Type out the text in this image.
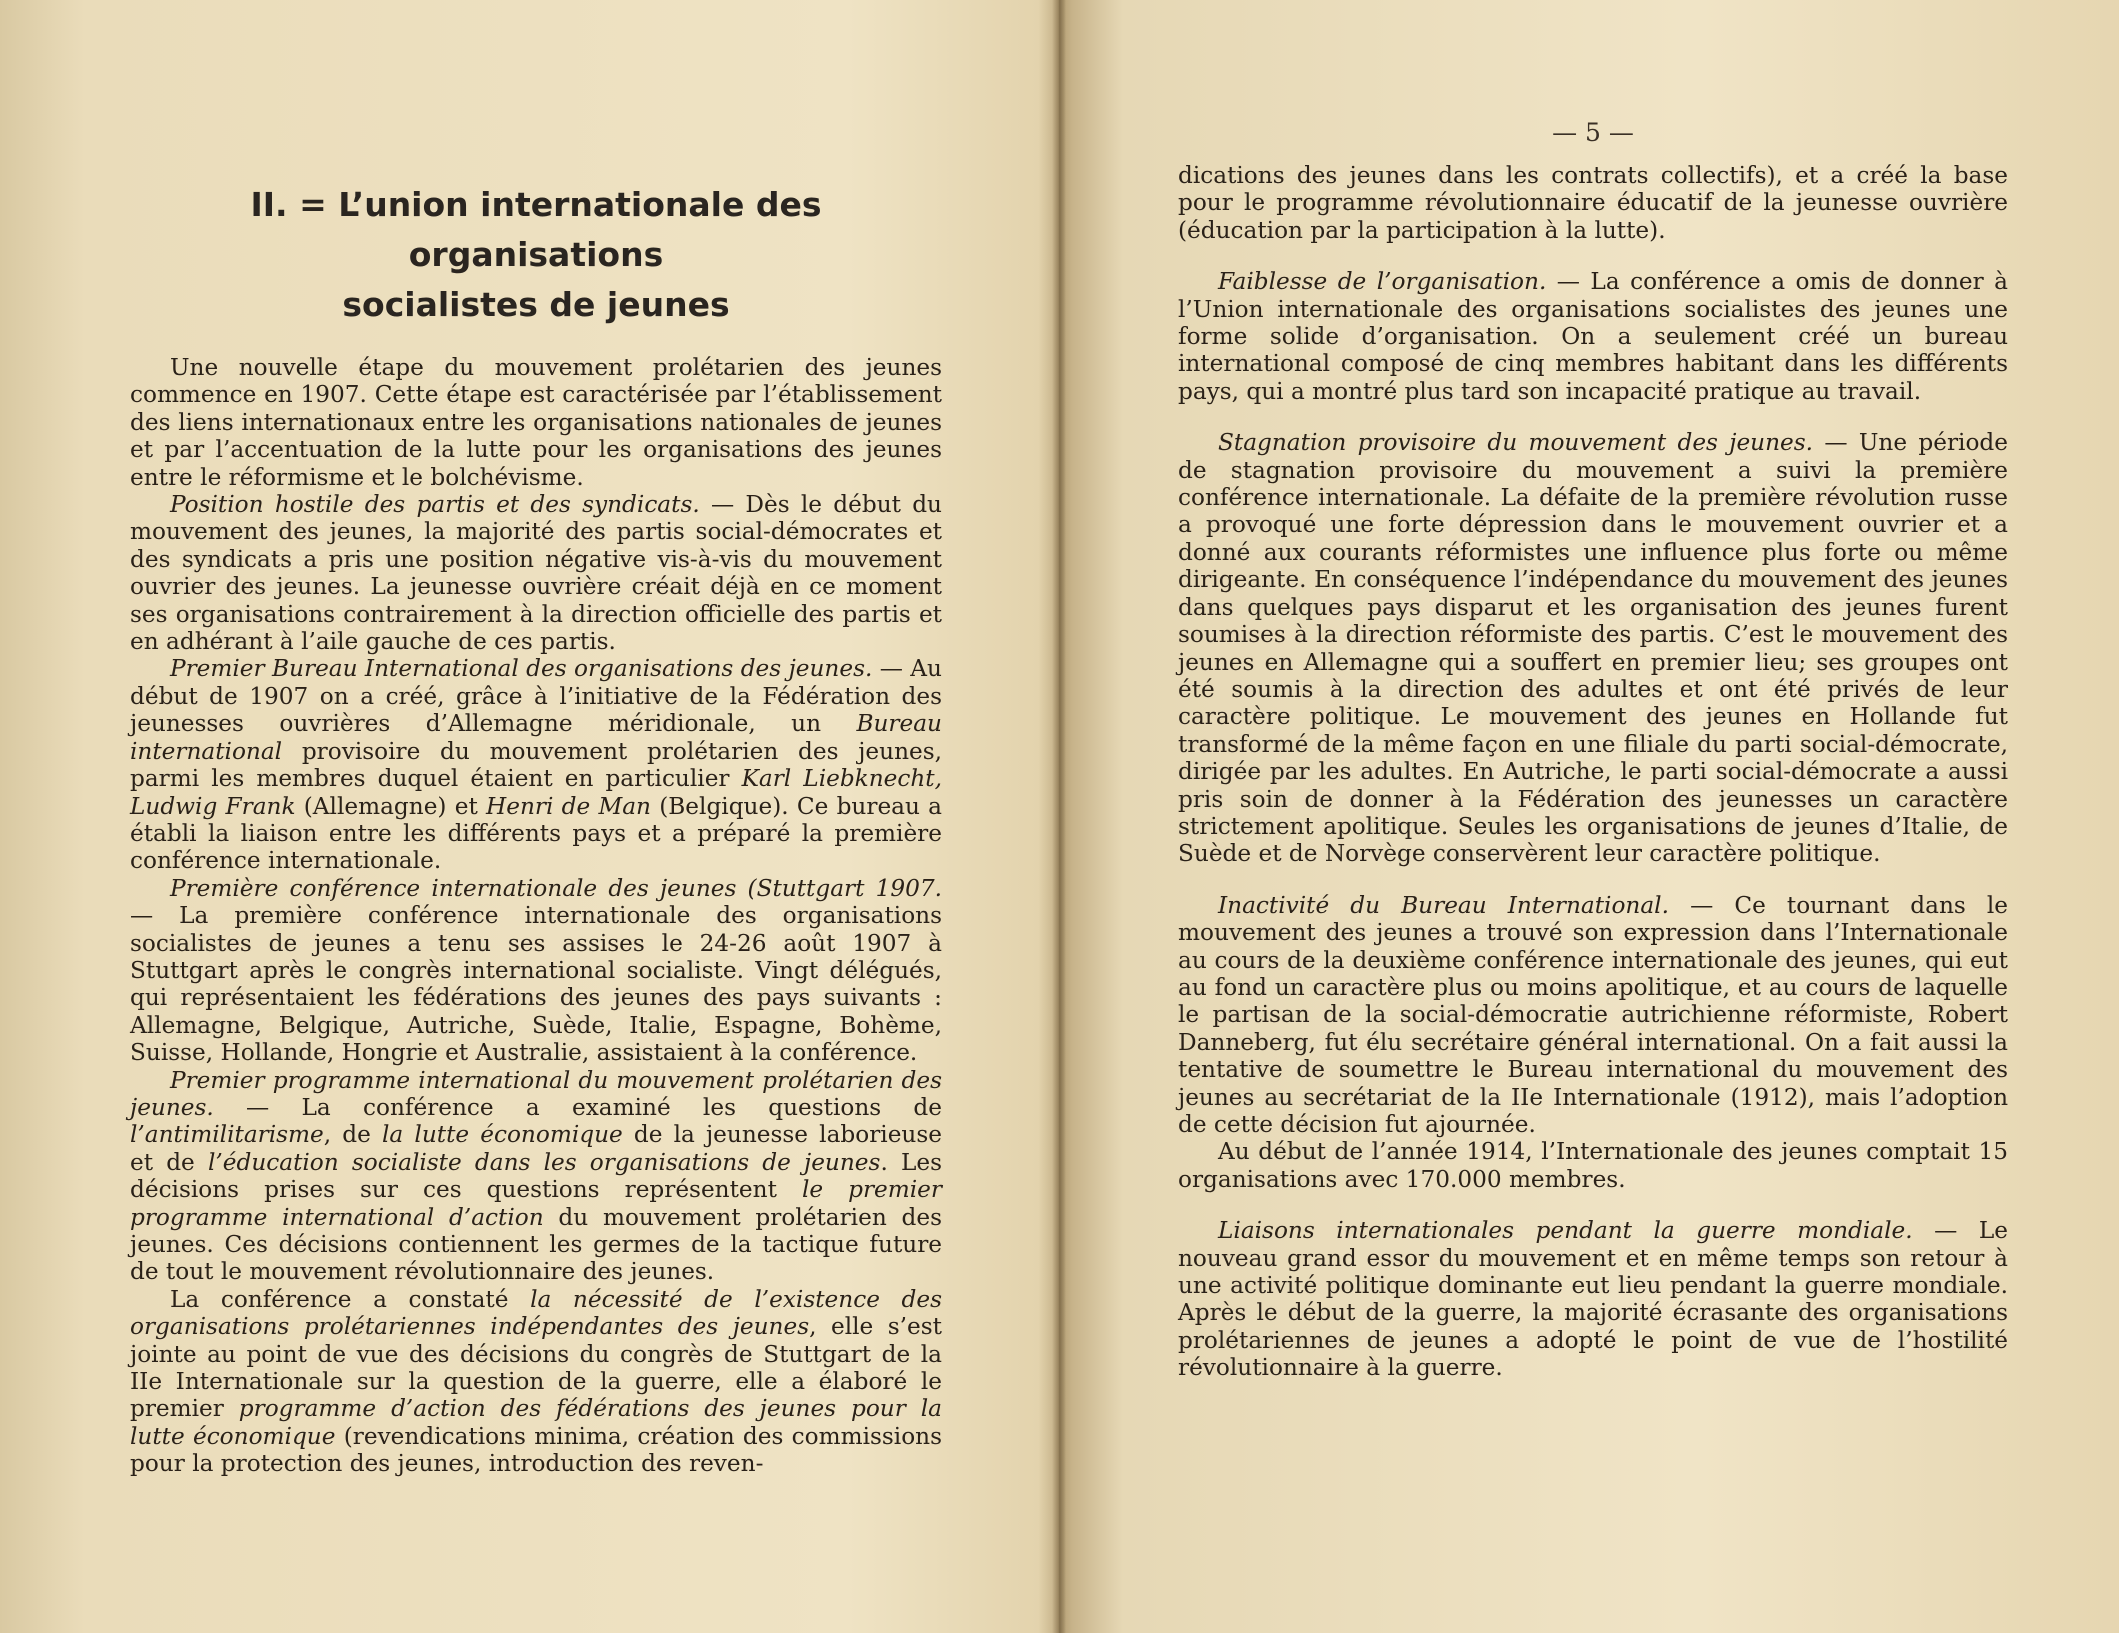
II. = L’union internationale des organisations
socialistes de jeunes

Une nouvelle étape du mouvement prolétarien des jeunes commence en 1907. Cette étape est caractérisée par l’établissement des liens internationaux entre les organisations nationales de jeunes et par l’accentuation de la lutte pour les organisations des jeunes entre le réformisme et le bolchévisme.

Position hostile des partis et des syndicats. — Dès le début du mouvement des jeunes, la majorité des partis social-démocrates et des syndicats a pris une position négative vis-à-vis du mouvement ouvrier des jeunes. La jeunesse ouvrière créait déjà en ce moment ses organisations contrairement à la direction officielle des partis et en adhérant à l’aile gauche de ces partis.

Premier Bureau International des organisations des jeunes. — Au début de 1907 on a créé, grâce à l’initiative de la Fédération des jeunesses ouvrières d’Allemagne méridionale, un Bureau international provisoire du mouvement prolétarien des jeunes, parmi les membres duquel étaient en particulier Karl Liebknecht, Ludwig Frank (Allemagne) et Henri de Man (Belgique). Ce bureau a établi la liaison entre les différents pays et a préparé la première conférence internationale.

Première conférence internationale des jeunes (Stuttgart 1907. — La première conférence internationale des organisations socialistes de jeunes a tenu ses assises le 24-26 août 1907 à Stuttgart après le congrès international socialiste. Vingt délégués, qui représentaient les fédérations des jeunes des pays suivants : Allemagne, Belgique, Autriche, Suède, Italie, Espagne, Bohème, Suisse, Hollande, Hongrie et Australie, assistaient à la conférence.

Premier programme international du mouvement prolétarien des jeunes. — La conférence a examiné les questions de l’antimilitarisme, de la lutte économique de la jeunesse laborieuse et de l’éducation socialiste dans les organisations de jeunes. Les décisions prises sur ces questions représentent le premier programme international d’action du mouvement prolétarien des jeunes. Ces décisions contiennent les germes de la tactique future de tout le mouvement révolutionnaire des jeunes.

La conférence a constaté la nécessité de l’existence des organisations prolétariennes indépendantes des jeunes, elle s’est jointe au point de vue des décisions du congrès de Stuttgart de la IIe Internationale sur la question de la guerre, elle a élaboré le premier programme d’action des fédérations des jeunes pour la lutte économique (revendications minima, création des commissions pour la protection des jeunes, introduction des reven-

— 5 —

dications des jeunes dans les contrats collectifs), et a créé la base pour le programme révolutionnaire éducatif de la jeunesse ouvrière (éducation par la participation à la lutte).

Faiblesse de l’organisation. — La conférence a omis de donner à l’Union internationale des organisations socialistes des jeunes une forme solide d’organisation. On a seulement créé un bureau international composé de cinq membres habitant dans les différents pays, qui a montré plus tard son incapacité pratique au travail.

Stagnation provisoire du mouvement des jeunes. — Une période de stagnation provisoire du mouvement a suivi la première conférence internationale. La défaite de la première révolution russe a provoqué une forte dépression dans le mouvement ouvrier et a donné aux courants réformistes une influence plus forte ou même dirigeante. En conséquence l’indépendance du mouvement des jeunes dans quelques pays disparut et les organisation des jeunes furent soumises à la direction réformiste des partis. C’est le mouvement des jeunes en Allemagne qui a souffert en premier lieu; ses groupes ont été soumis à la direction des adultes et ont été privés de leur caractère politique. Le mouvement des jeunes en Hollande fut transformé de la même façon en une filiale du parti social-démocrate, dirigée par les adultes. En Autriche, le parti social-démocrate a aussi pris soin de donner à la Fédération des jeunesses un caractère strictement apolitique. Seules les organisations de jeunes d’Italie, de Suède et de Norvège conservèrent leur caractère politique.

Inactivité du Bureau International. — Ce tournant dans le mouvement des jeunes a trouvé son expression dans l’Internationale au cours de la deuxième conférence internationale des jeunes, qui eut au fond un caractère plus ou moins apolitique, et au cours de laquelle le partisan de la social-démocratie autrichienne réformiste, Robert Danneberg, fut élu secrétaire général international. On a fait aussi la tentative de soumettre le Bureau international du mouvement des jeunes au secrétariat de la IIe Internationale (1912), mais l’adoption de cette décision fut ajournée.

Au début de l’année 1914, l’Internationale des jeunes comptait 15 organisations avec 170.000 membres.

Liaisons internationales pendant la guerre mondiale. — Le nouveau grand essor du mouvement et en même temps son retour à une activité politique dominante eut lieu pendant la guerre mondiale. Après le début de la guerre, la majorité écrasante des organisations prolétariennes de jeunes a adopté le point de vue de l’hostilité révolutionnaire à la guerre.
